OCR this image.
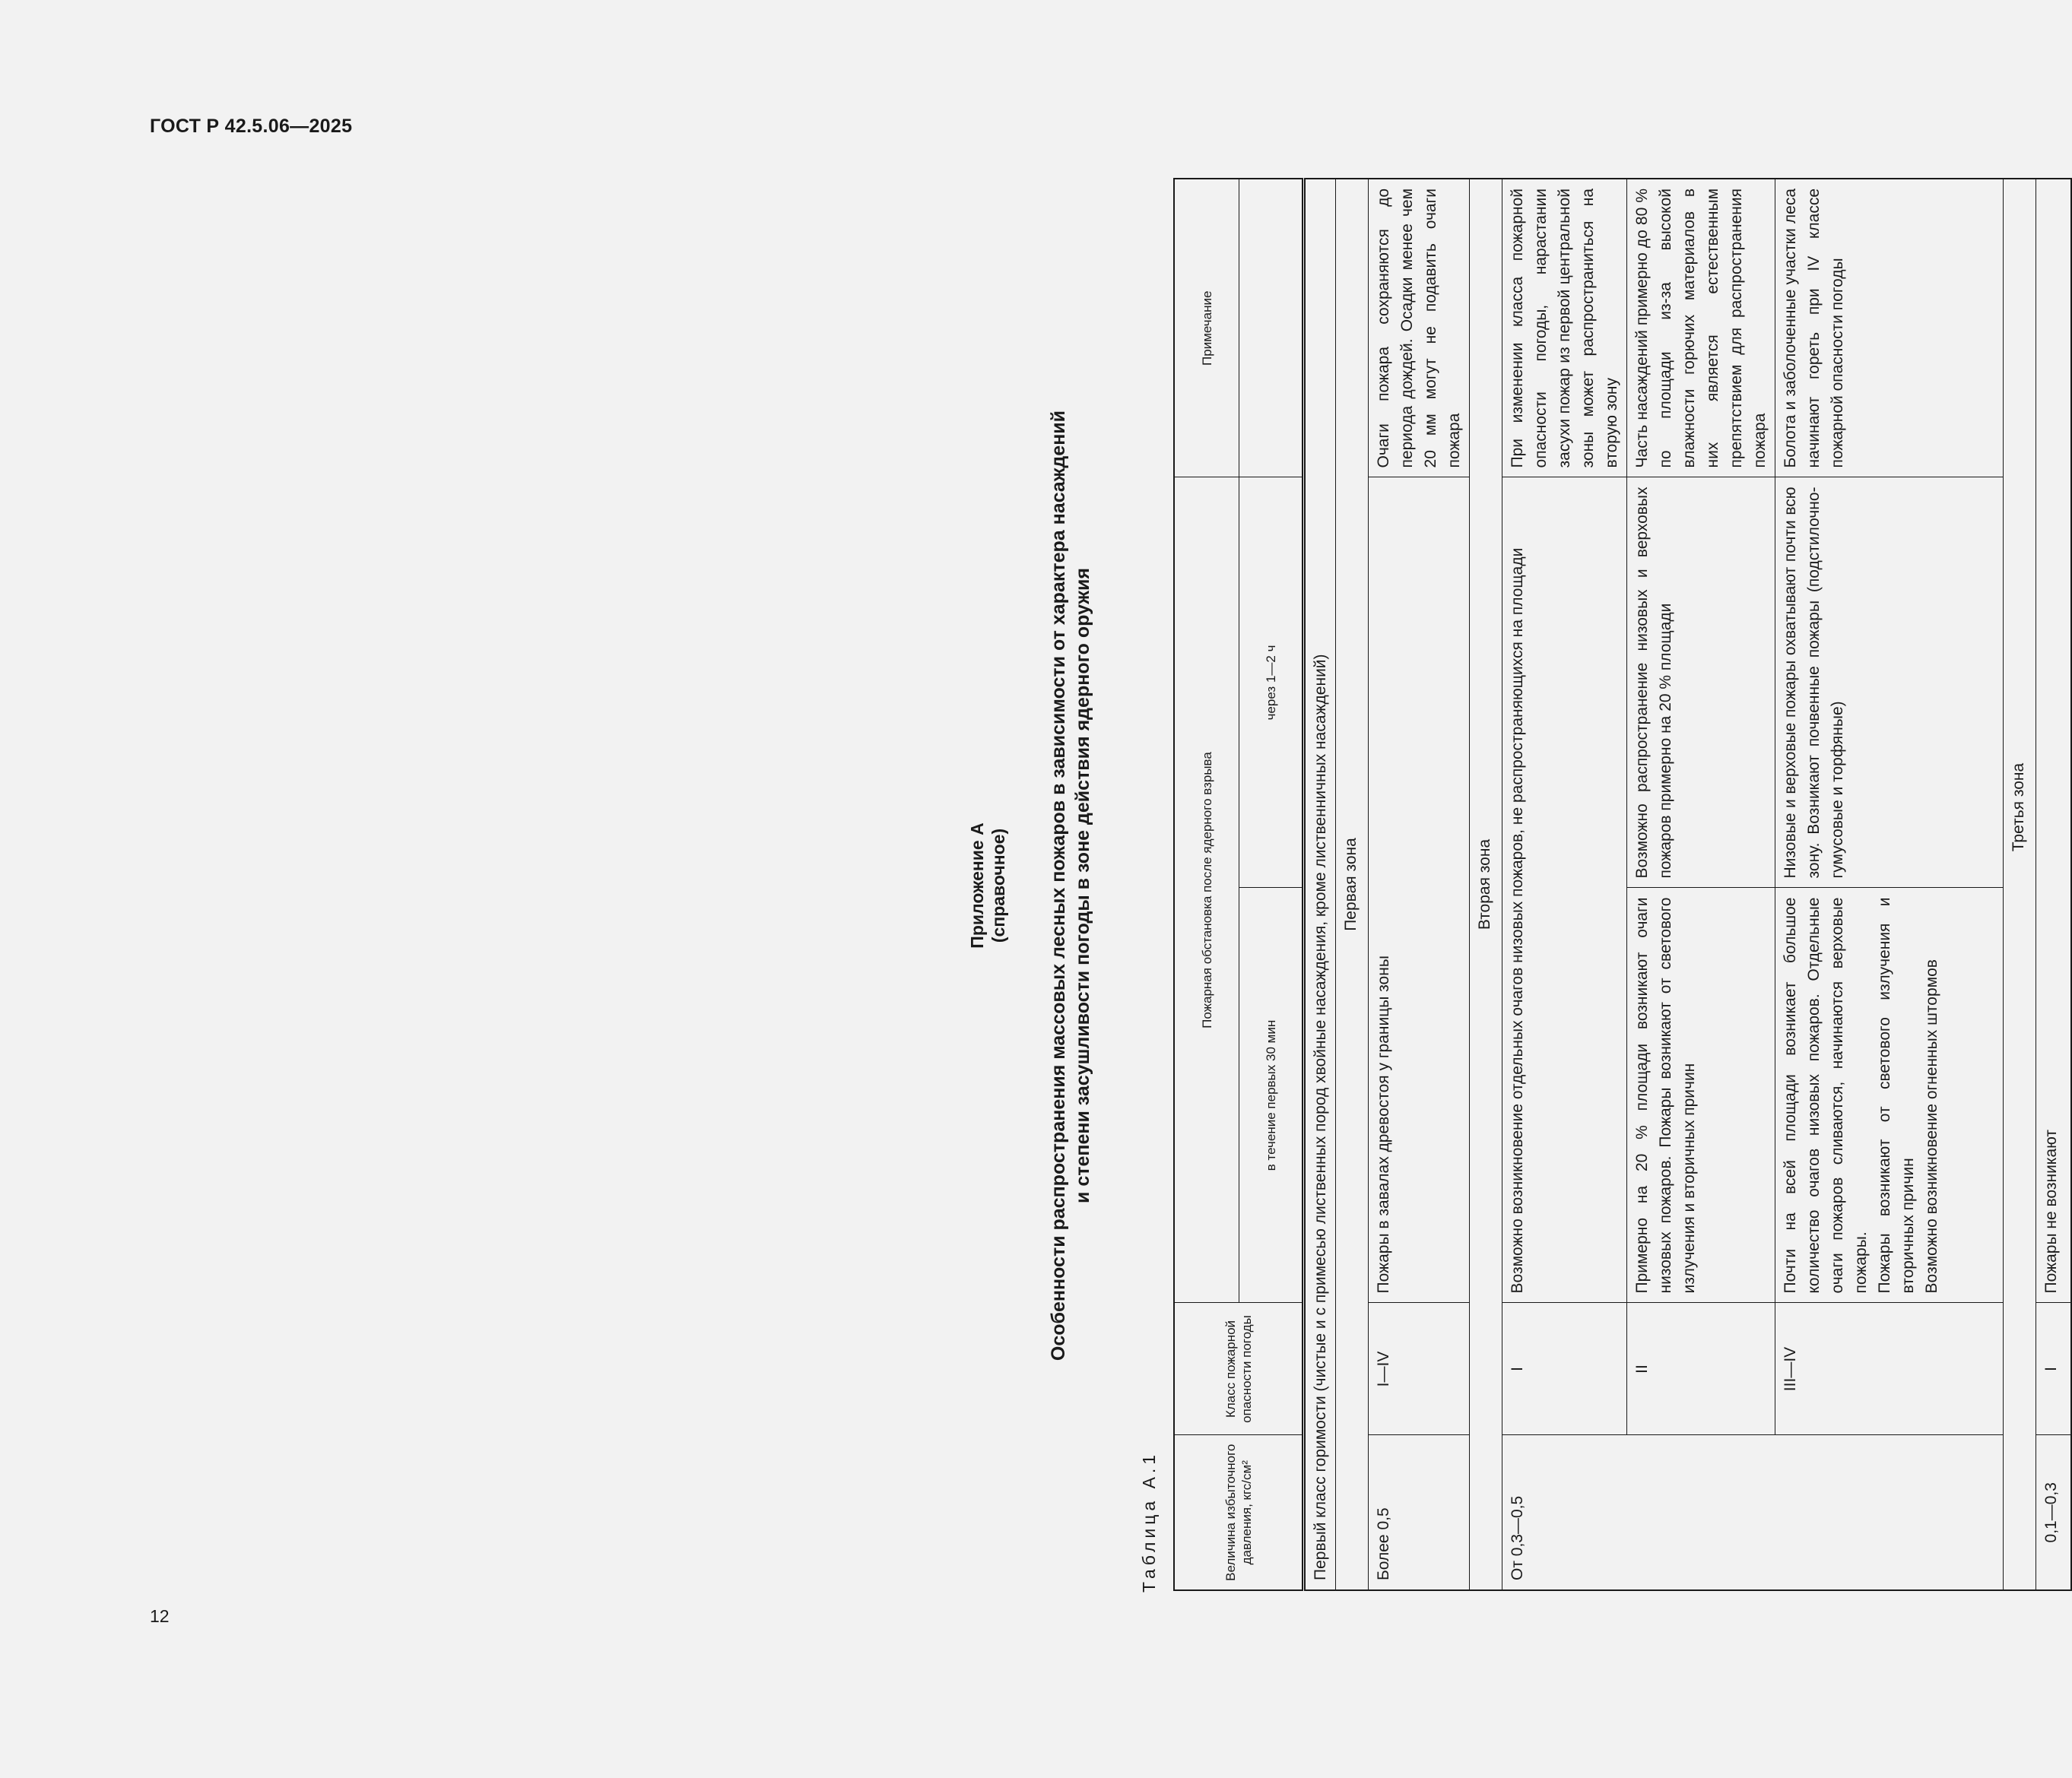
ГОСТ Р 42.5.06—2025
12
Приложение А (справочное) Особенности распространения массовых лесных пожаров в зависимости от характера насаждений и степени засушливости погоды в зоне действия ядерного оружия
Таблица А.1	Величина избыточного давления, кгс/см²	Класс пожарной опасности погоды	Пожарная обстановка после ядерного взрыва		Примечание
		в течение первых 30 мин	через 1—2 ч	

Первый класс горимости (чистые и с примесью лиственных пород хвойные насаждения, кроме лиственничных насаждений)				
Первая зона				
Более 0,5	I—IV	Пожары в завалах древостоя у границы зоны		Очаги пожара сохраняются до периода дождей. Осадки менее чем 20 мм могут не подавить очаги пожара
Вторая зона				
От 0,3—0,5	I	Возможно возникновение отдельных очагов низовых пожаров, не распространяющихся на площади		При изменении класса пожарной опасности погоды, нарастании засухи пожар из первой центральной зоны может распространиться на вторую зону
	II	Примерно на 20 % площади возникают очаги низовых пожаров. Пожары возникают от светового излучения и вторичных причин	Возможно распространение низовых и верховых пожаров примерно на 20 % площади	Часть насаждений примерно до 80 % по площади из-за высокой влажности горючих материалов в них является естественным препятствием для распространения пожара
	III—IV	Почти на всей площади возникает большое количество очагов низовых пожаров. Отдельные очаги пожаров сливаются, начинаются верховые пожары. Пожары возникают от светового излучения и вторичных причин Возможно возникновение огненных штормов	Низовые и верховые пожары охватывают почти всю зону. Возникают почвенные пожары (подстилочно-гумусовые и торфяные)	Болота и заболоченные участки леса начинают гореть при IV классе пожарной опасности погоды
	Третья зона			
0,1—0,3	I	Пожары не возникают		
